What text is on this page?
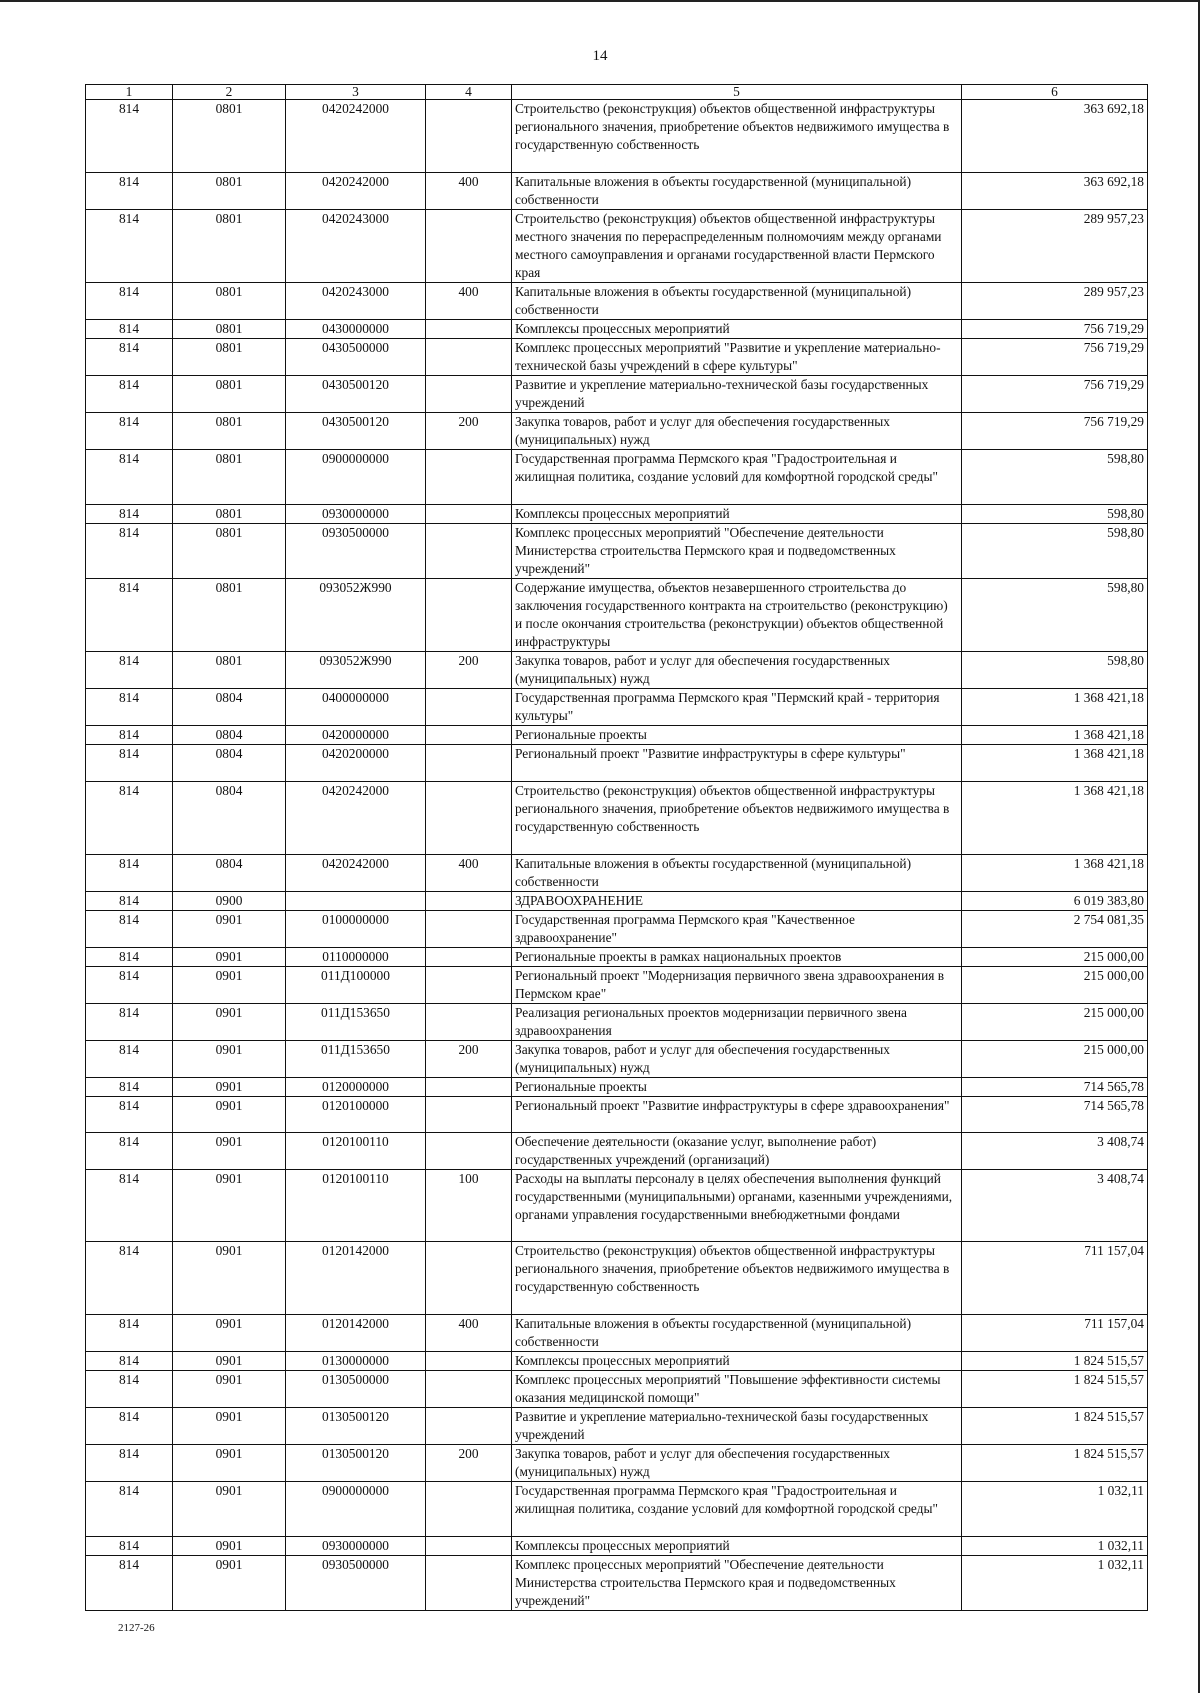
14
1	2	3	4	5	6
814	0801	0420242000		Строительство (реконструкция) объектов общественной инфраструктуры регионального значения, приобретение объектов недвижимого имущества в государственную собственность	363 692,18
814	0801	0420242000	400	Капитальные вложения в объекты государственной (муниципальной) собственности	363 692,18
814	0801	0420243000		Строительство (реконструкция) объектов общественной инфраструктуры местного значения по перераспределенным полномочиям между органами местного самоуправления и органами государственной власти Пермского края	289 957,23
814	0801	0420243000	400	Капитальные вложения в объекты государственной (муниципальной) собственности	289 957,23
814	0801	0430000000		Комплексы процессных мероприятий	756 719,29
814	0801	0430500000		Комплекс процессных мероприятий "Развитие и укрепление материально-технической базы учреждений в сфере культуры"	756 719,29
814	0801	0430500120		Развитие и укрепление материально-технической базы государственных учреждений	756 719,29
814	0801	0430500120	200	Закупка товаров, работ и услуг для обеспечения государственных (муниципальных) нужд	756 719,29
814	0801	0900000000		Государственная программа Пермского края "Градостроительная и жилищная политика, создание условий для комфортной городской среды"	598,80
814	0801	0930000000		Комплексы процессных мероприятий	598,80
814	0801	0930500000		Комплекс процессных мероприятий "Обеспечение деятельности Министерства строительства Пермского края и подведомственных учреждений"	598,80
814	0801	093052Ж990		Содержание имущества, объектов незавершенного строительства до заключения государственного контракта на строительство (реконструкцию) и после окончания строительства (реконструкции) объектов общественной инфраструктуры	598,80
814	0801	093052Ж990	200	Закупка товаров, работ и услуг для обеспечения государственных (муниципальных) нужд	598,80
814	0804	0400000000		Государственная программа Пермского края "Пермский край - территория культуры"	1 368 421,18
814	0804	0420000000		Региональные проекты	1 368 421,18
814	0804	0420200000		Региональный проект "Развитие инфраструктуры в сфере культуры"	1 368 421,18
814	0804	0420242000		Строительство (реконструкция) объектов общественной инфраструктуры регионального значения, приобретение объектов недвижимого имущества в государственную собственность	1 368 421,18
814	0804	0420242000	400	Капитальные вложения в объекты государственной (муниципальной) собственности	1 368 421,18
814	0900			ЗДРАВООХРАНЕНИЕ	6 019 383,80
814	0901	0100000000		Государственная программа Пермского края "Качественное здравоохранение"	2 754 081,35
814	0901	0110000000		Региональные проекты в рамках национальных проектов	215 000,00
814	0901	011Д100000		Региональный проект "Модернизация первичного звена здравоохранения в Пермском крае"	215 000,00
814	0901	011Д153650		Реализация региональных проектов модернизации первичного звена здравоохранения	215 000,00
814	0901	011Д153650	200	Закупка товаров, работ и услуг для обеспечения государственных (муниципальных) нужд	215 000,00
814	0901	0120000000		Региональные проекты	714 565,78
814	0901	0120100000		Региональный проект "Развитие инфраструктуры в сфере здравоохранения"	714 565,78
814	0901	0120100110		Обеспечение деятельности (оказание услуг, выполнение работ) государственных учреждений (организаций)	3 408,74
814	0901	0120100110	100	Расходы на выплаты персоналу в целях обеспечения выполнения функций государственными (муниципальными) органами, казенными учреждениями, органами управления государственными внебюджетными фондами	3 408,74
814	0901	0120142000		Строительство (реконструкция) объектов общественной инфраструктуры регионального значения, приобретение объектов недвижимого имущества в государственную собственность	711 157,04
814	0901	0120142000	400	Капитальные вложения в объекты государственной (муниципальной) собственности	711 157,04
814	0901	0130000000		Комплексы процессных мероприятий	1 824 515,57
814	0901	0130500000		Комплекс процессных мероприятий "Повышение эффективности системы оказания медицинской помощи"	1 824 515,57
814	0901	0130500120		Развитие и укрепление материально-технической базы государственных учреждений	1 824 515,57
814	0901	0130500120	200	Закупка товаров, работ и услуг для обеспечения государственных (муниципальных) нужд	1 824 515,57
814	0901	0900000000		Государственная программа Пермского края "Градостроительная и жилищная политика, создание условий для комфортной городской среды"	1 032,11
814	0901	0930000000		Комплексы процессных мероприятий	1 032,11
814	0901	0930500000		Комплекс процессных мероприятий "Обеспечение деятельности Министерства строительства Пермского края и подведомственных учреждений"	1 032,11
2127-26
